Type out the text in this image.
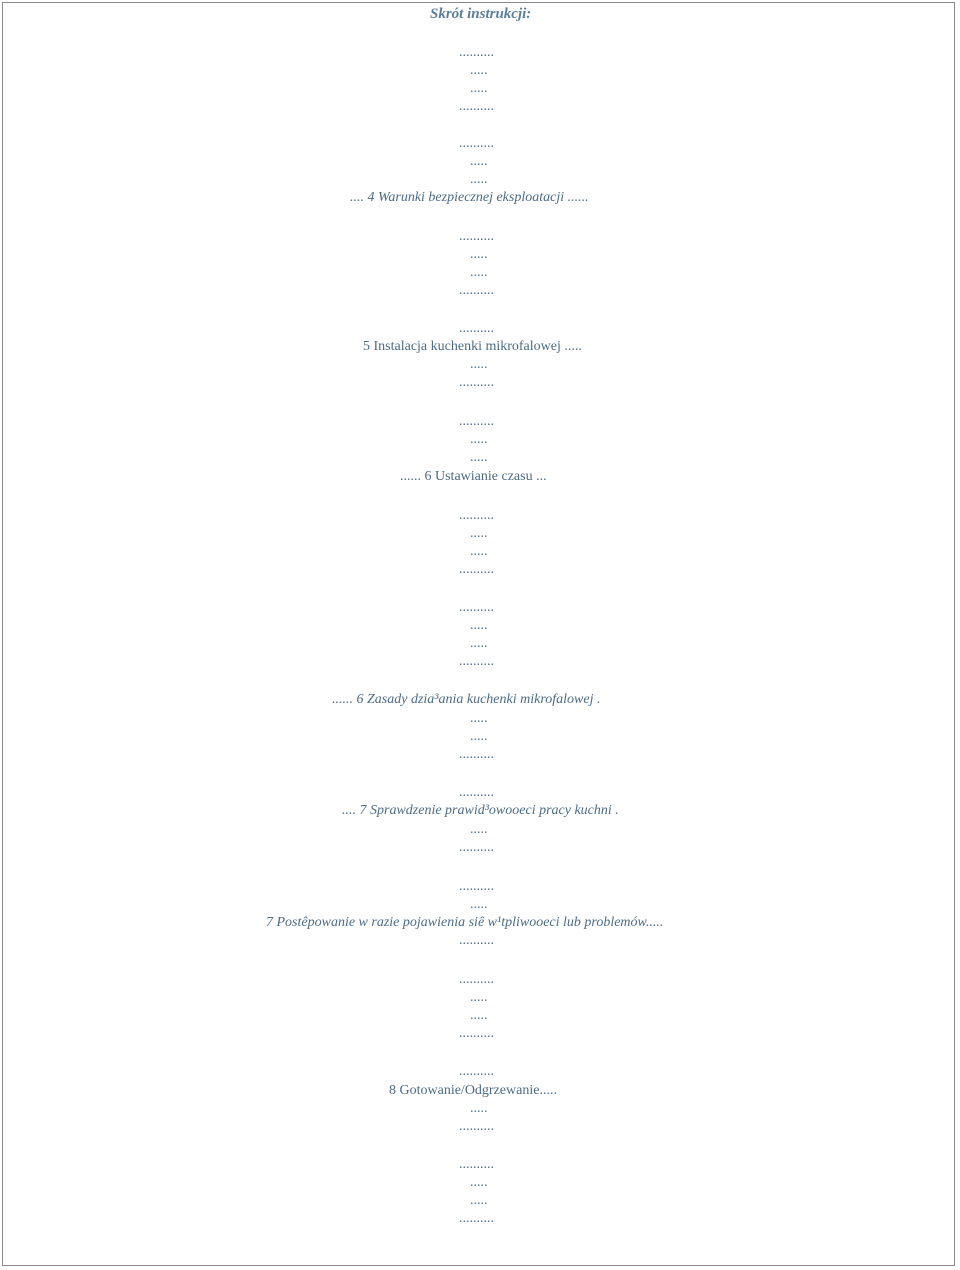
Skrót instrukcji:
..........
.....
.....
..........
..........
.....
.....
.... 4 Warunki bezpiecznej eksploatacji ......
..........
.....
.....
..........
..........
5 Instalacja kuchenki mikrofalowej .....
.....
..........
..........
.....
.....
...... 6 Ustawianie czasu ...
..........
.....
.....
..........
..........
.....
.....
..........
...... 6 Zasady dzia³ania kuchenki mikrofalowej .
.....
.....
..........
..........
.... 7 Sprawdzenie prawid³owooeci pracy kuchni .
.....
..........
..........
.....
7 Postêpowanie w razie pojawienia siê w¹tpliwooeci lub problemów.....
..........
..........
.....
.....
..........
..........
8 Gotowanie/Odgrzewanie.....
.....
..........
..........
.....
.....
..........
